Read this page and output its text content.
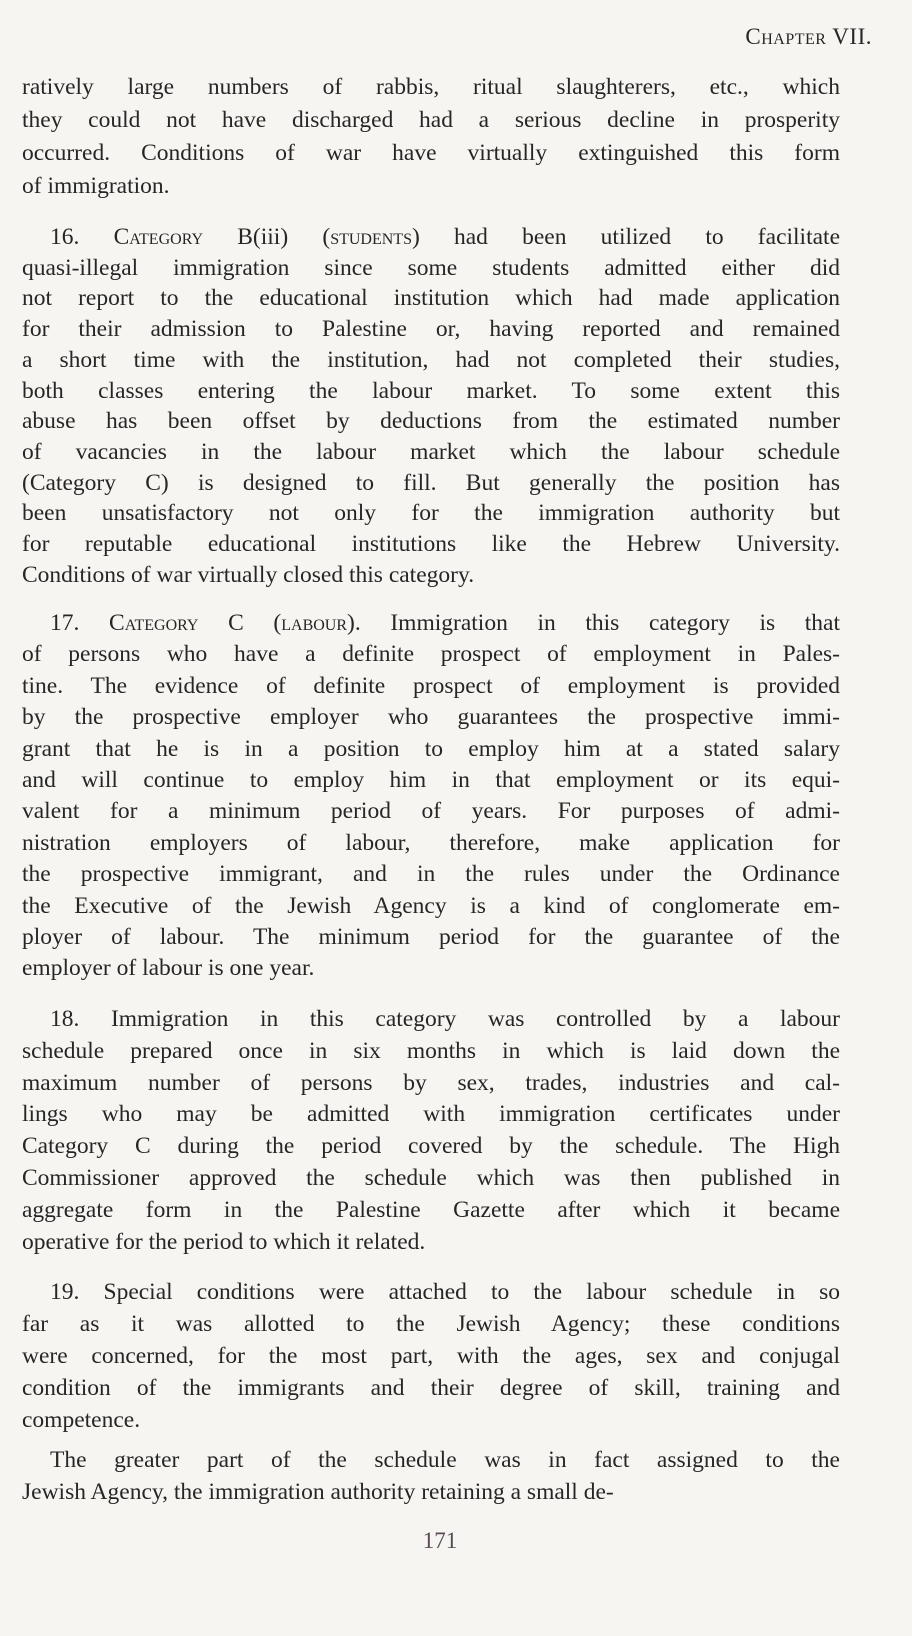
Chapter VII.
ratively large numbers of rabbis, ritual slaughterers, etc., which
they could not have discharged had a serious decline in prosperity
occurred. Conditions of war have virtually extinguished this form
of immigration.
16. Category B(iii) (students) had been utilized to facilitate
quasi-illegal immigration since some students admitted either did
not report to the educational institution which had made application
for their admission to Palestine or, having reported and remained
a short time with the institution, had not completed their studies,
both classes entering the labour market. To some extent this
abuse has been offset by deductions from the estimated number
of vacancies in the labour market which the labour schedule
(Category C) is designed to fill. But generally the position has
been unsatisfactory not only for the immigration authority but
for reputable educational institutions like the Hebrew University.
Conditions of war virtually closed this category.
17. Category C (labour). Immigration in this category is that
of persons who have a definite prospect of employment in Pales-
tine. The evidence of definite prospect of employment is provided
by the prospective employer who guarantees the prospective immi-
grant that he is in a position to employ him at a stated salary
and will continue to employ him in that employment or its equi-
valent for a minimum period of years. For purposes of admi-
nistration employers of labour, therefore, make application for
the prospective immigrant, and in the rules under the Ordinance
the Executive of the Jewish Agency is a kind of conglomerate em-
ployer of labour. The minimum period for the guarantee of the
employer of labour is one year.
18. Immigration in this category was controlled by a labour
schedule prepared once in six months in which is laid down the
maximum number of persons by sex, trades, industries and cal-
lings who may be admitted with immigration certificates under
Category C during the period covered by the schedule. The High
Commissioner approved the schedule which was then published in
aggregate form in the Palestine Gazette after which it became
operative for the period to which it related.
19. Special conditions were attached to the labour schedule in so
far as it was allotted to the Jewish Agency; these conditions
were concerned, for the most part, with the ages, sex and conjugal
condition of the immigrants and their degree of skill, training and
competence.
The greater part of the schedule was in fact assigned to the
Jewish Agency, the immigration authority retaining a small de-
171
